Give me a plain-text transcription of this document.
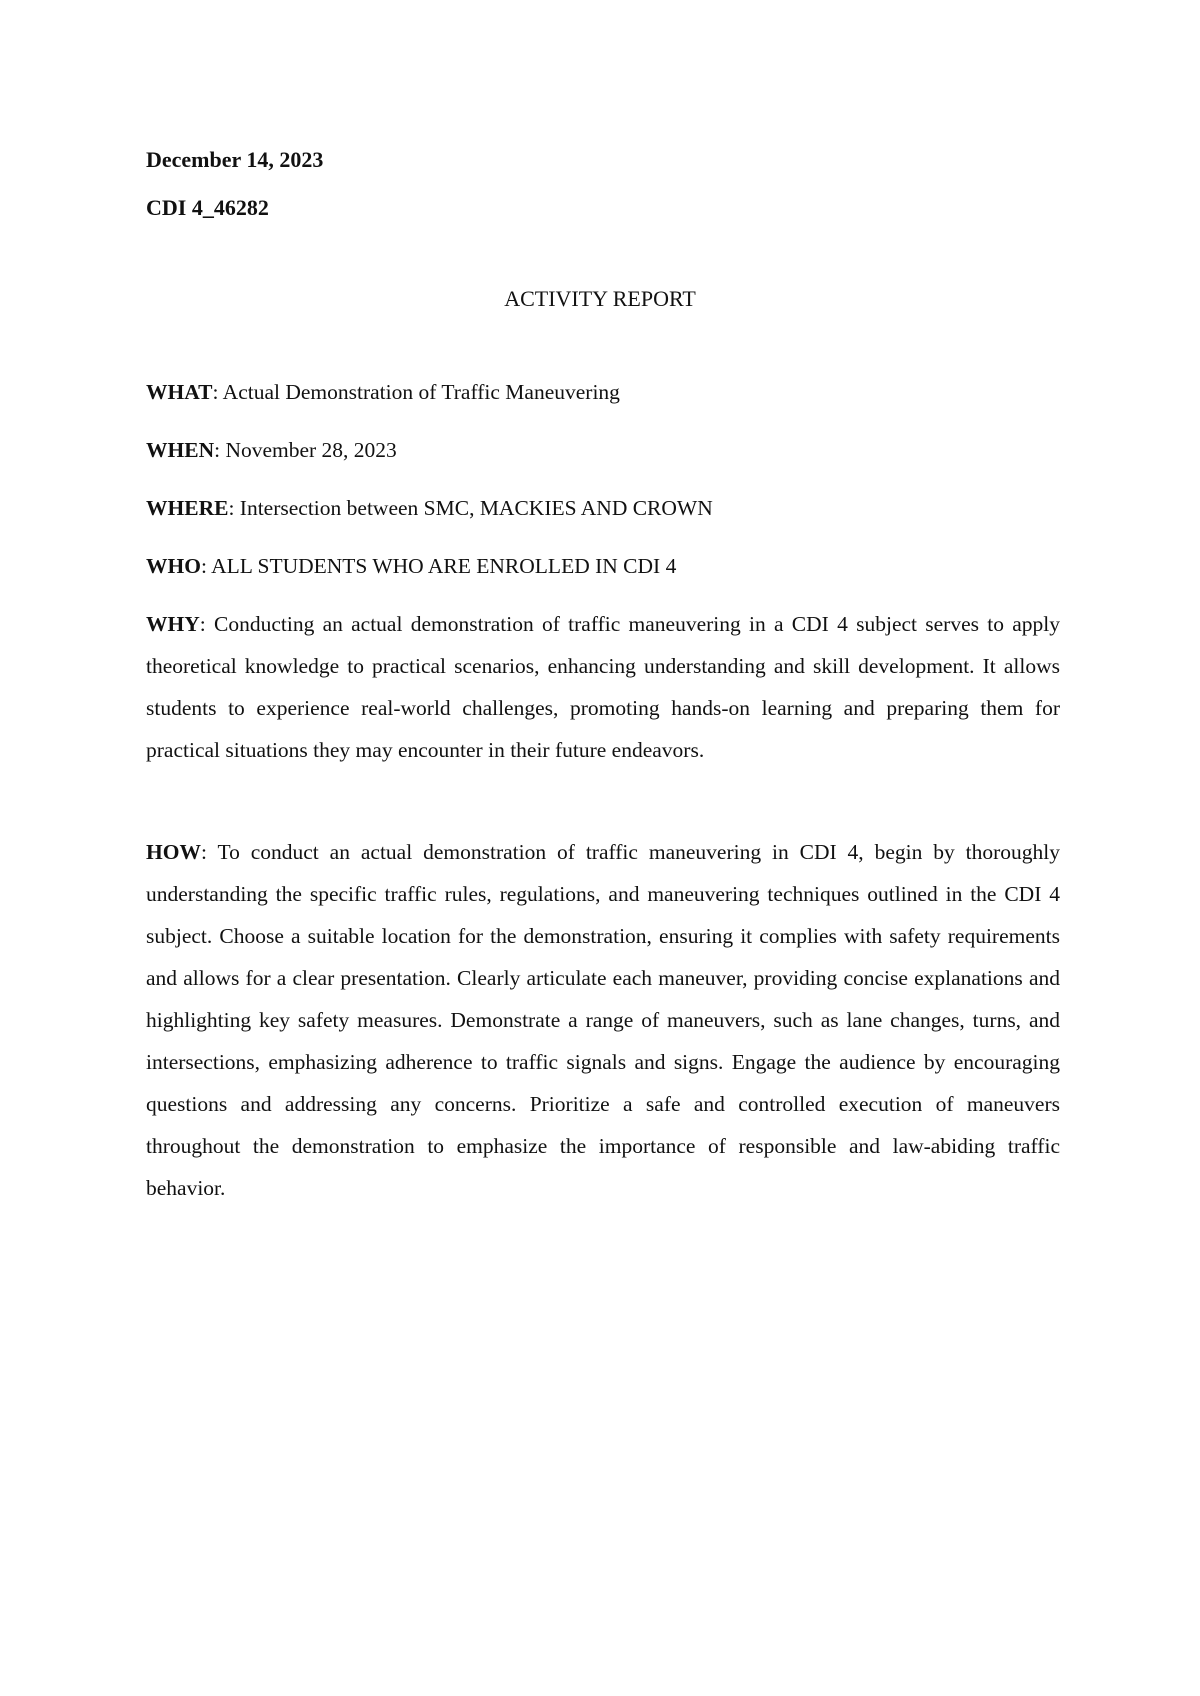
December 14, 2023

CDI 4_46282

ACTIVITY REPORT

WHAT: Actual Demonstration of Traffic Maneuvering

WHEN: November 28, 2023

WHERE: Intersection between SMC, MACKIES AND CROWN

WHO: ALL STUDENTS WHO ARE ENROLLED IN CDI 4

WHY: Conducting an actual demonstration of traffic maneuvering in a CDI 4 subject serves to apply theoretical knowledge to practical scenarios, enhancing understanding and skill development. It allows students to experience real-world challenges, promoting hands-on learning and preparing them for practical situations they may encounter in their future endeavors.

HOW: To conduct an actual demonstration of traffic maneuvering in CDI 4, begin by thoroughly understanding the specific traffic rules, regulations, and maneuvering techniques outlined in the CDI 4 subject. Choose a suitable location for the demonstration, ensuring it complies with safety requirements and allows for a clear presentation. Clearly articulate each maneuver, providing concise explanations and highlighting key safety measures. Demonstrate a range of maneuvers, such as lane changes, turns, and intersections, emphasizing adherence to traffic signals and signs. Engage the audience by encouraging questions and addressing any concerns. Prioritize a safe and controlled execution of maneuvers throughout the demonstration to emphasize the importance of responsible and law-abiding traffic behavior.
